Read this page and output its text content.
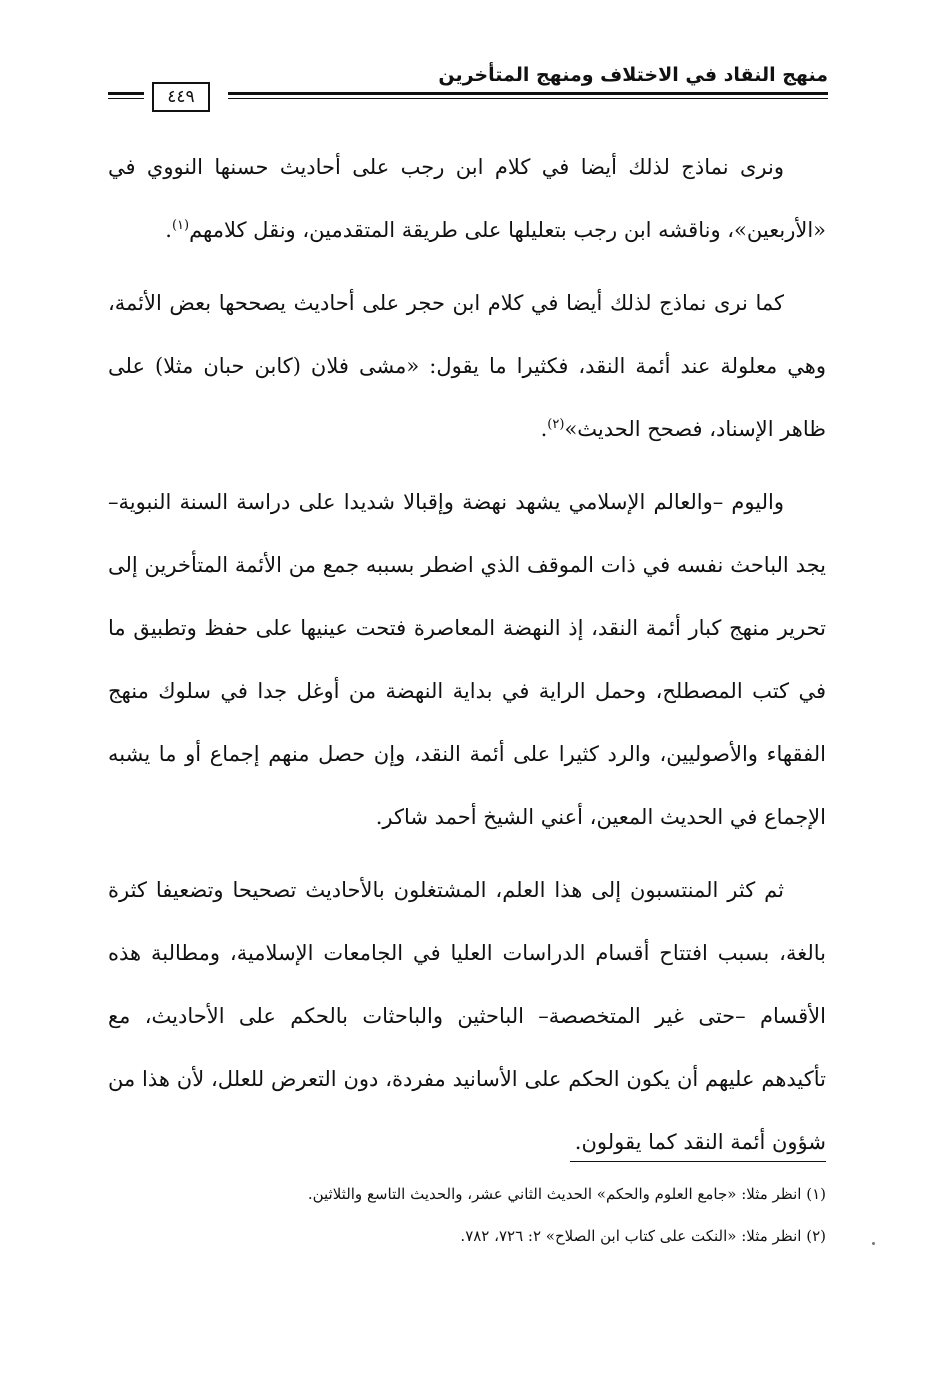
منهج النقاد في الاختلاف ومنهج المتأخرين
٤٤٩

ونرى نماذج لذلك أيضا في كلام ابن رجب على أحاديث حسنها النووي في «الأربعين»، وناقشه ابن رجب بتعليلها على طريقة المتقدمين، ونقل كلامهم$^{(١)}$.

كما نرى نماذج لذلك أيضا في كلام ابن حجر على أحاديث يصححها بعض الأئمة، وهي معلولة عند أئمة النقد، فكثيرا ما يقول: «مشى فلان (كابن حبان مثلا) على ظاهر الإسناد، فصحح الحديث»$^{(٢)}$.

واليوم –والعالم الإسلامي يشهد نهضة وإقبالا شديدا على دراسة السنة النبوية– يجد الباحث نفسه في ذات الموقف الذي اضطر بسببه جمع من الأئمة المتأخرين إلى تحرير منهج كبار أئمة النقد، إذ النهضة المعاصرة فتحت عينيها على حفظ وتطبيق ما في كتب المصطلح، وحمل الراية في بداية النهضة من أوغل جدا في سلوك منهج الفقهاء والأصوليين، والرد كثيرا على أئمة النقد، وإن حصل منهم إجماع أو ما يشبه الإجماع في الحديث المعين، أعني الشيخ أحمد شاكر.

ثم كثر المنتسبون إلى هذا العلم، المشتغلون بالأحاديث تصحيحا وتضعيفا كثرة بالغة، بسبب افتتاح أقسام الدراسات العليا في الجامعات الإسلامية، ومطالبة هذه الأقسام –حتى غير المتخصصة– الباحثين والباحثات بالحكم على الأحاديث، مع تأكيدهم عليهم أن يكون الحكم على الأسانيد مفردة، دون التعرض للعلل، لأن هذا من شؤون أئمة النقد كما يقولون.

(١) انظر مثلا: «جامع العلوم والحكم» الحديث الثاني عشر، والحديث التاسع والثلاثين.

(٢) انظر مثلا: «النكت على كتاب ابن الصلاح» ٢: ٧٢٦، ٧٨٢.
